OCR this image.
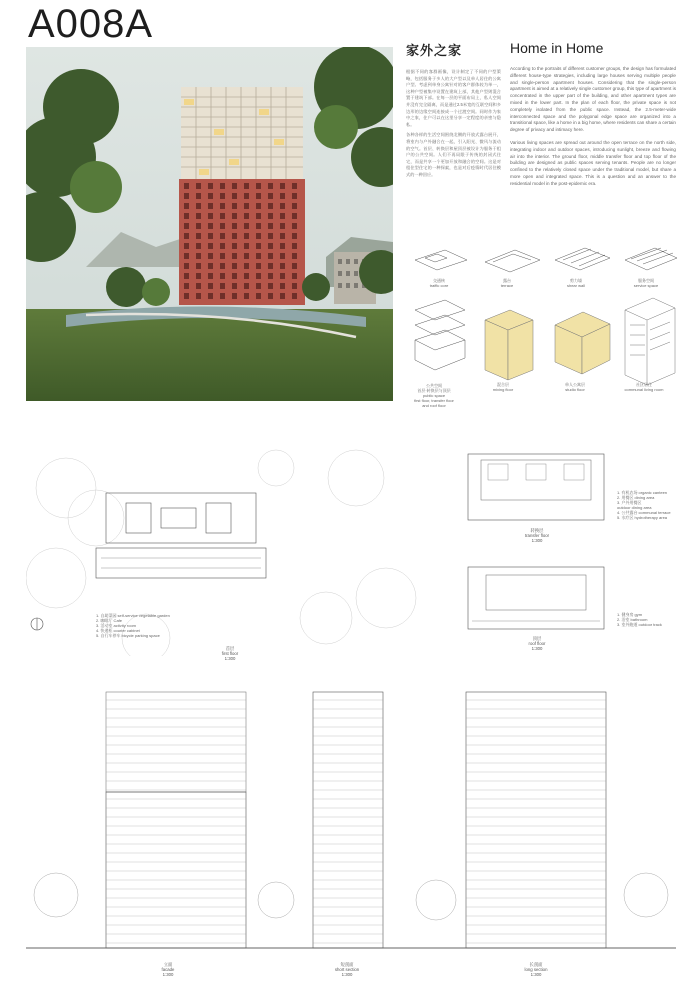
A008A
家外之家

根据不同的客群画像，设计制定了不同的户型策略，包括服务于多人的大户型以及单人居住的公寓户型。考虑到单身公寓针对的客户群体较为单一，这种户型被集中设置在建筑上部，其他户型则混合置于建筑下部。在每一层的平面布局上，私人空间并没有完全隔离，而是通过2.5米宽的互联空间和多边形的边缘空间连接成一个过渡空间。同时作为家中之家，住户可以在这里分享一定程度的亲密与隐私。

各种各样的生活空间围绕北侧的开放式露台展开，将室内与户外融合在一起，引入阳光、微风与流动的空气。首层、转换层和屋顶层被设计为服务于租户的公共空间。人们不再局限于传统的封闭式住宅，而是共享一个更加开放和融合的空间。这是对租住型住宅的一种探索，也是对后疫情时代居住模式的一种回应。

Home in Home

According to the portraits of different customer groups, the design has formulated different house-type strategies, including large houses serving multiple people and single-person apartment houses. Considering that the single-person apartment is aimed at a relatively single customer group, this type of apartment is concentrated in the upper part of the building, and other apartment types are mixed in the lower part. In the plan of each floor, the private space is not completely isolated from the public space. Instead, the 2.5-meter-wide interconnected space and the polygonal edge space are organized into a transitional space, like a home in a big home, where residents can share a certain degree of privacy and intimacy here.

Various living spaces are spread out around the open terrace on the north side, integrating indoor and outdoor spaces, introducing sunlight, breeze and flowing air into the interior. The ground floor, middle transfer floor and top floor of the building are designed as public spaces serving tenants. People are no longer confined to the relatively closed space under the traditional model, but share a more open and integrated space. This is a question and an answer to the residential model in the post-epidemic era.

交通核
traffic core
露台
terrace
剪力墙
shear wall
服务空间
service space

公共空间
首层·转换层与顶层
public space
first floor, transfer floor
and roof floor

混合层
mixing floor
单人公寓层
studio floor
社区居住
communal living room
1. 自助菜园 self-service vegetable garden
2. 咖啡厅 Cafe
3. 活动室 activity room
4. 快递柜 courier cabinet
5. 自行车停车 bicycle parking space
首层
first floor
1:300
转换层
transfer floor
1:300
1. 有机农场 organic canteen
2. 用餐区 dining area
3. 户外用餐区
outdoor dining area
4. 公共露台 communal terrace
5. 水疗区 hydrotherapy area
顶层
roof floor
1:300
1. 健身房 gym
2. 浴室 bathroom
3. 室外跑道 outdoor track
立面
facade
1:300
短剖面
short section
1:300
长剖面
long section
1:300
